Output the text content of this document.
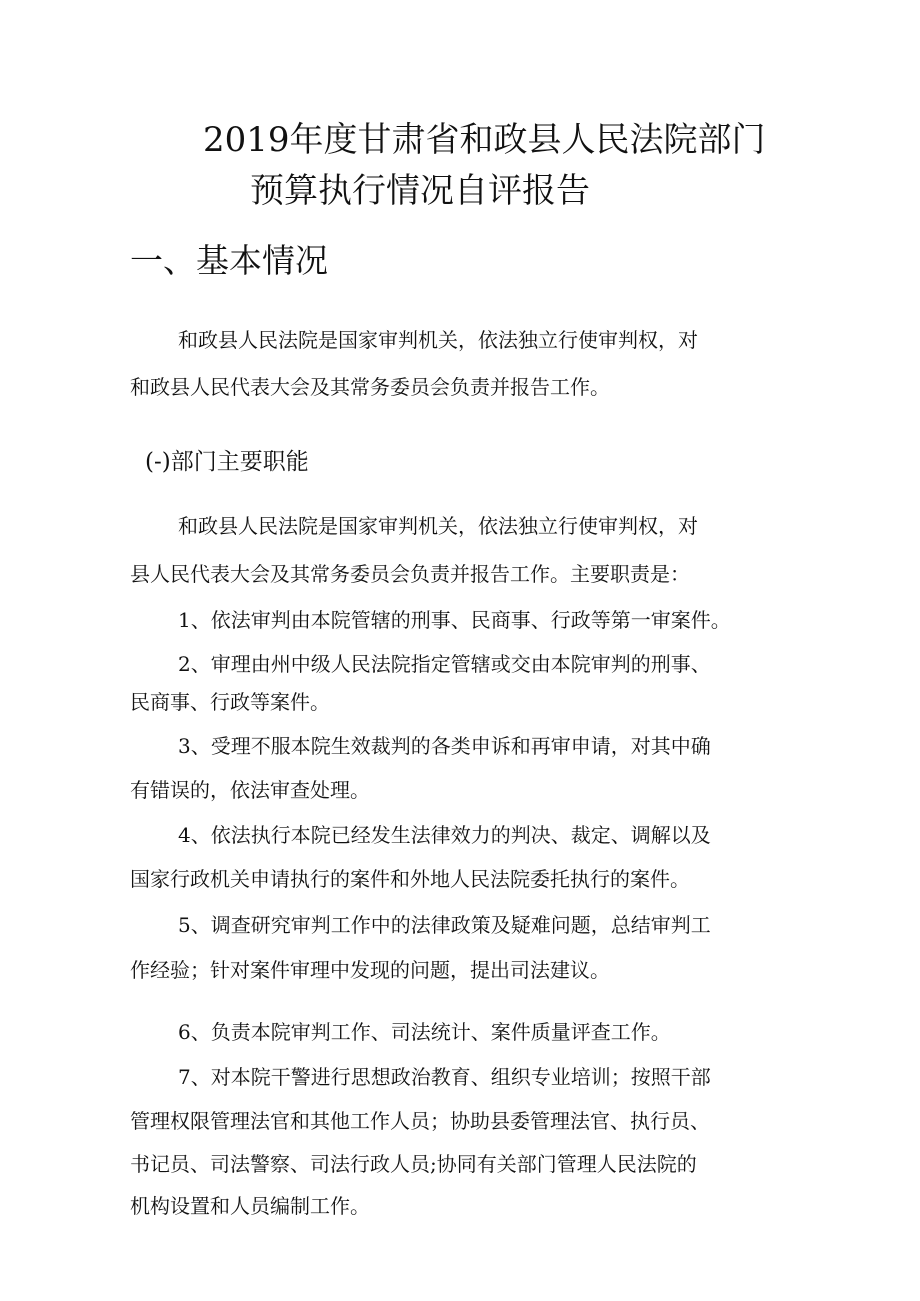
2019年度甘肃省和政县人民法院部门

预算执行情况自评报告

一、基本情况

和政县人民法院是国家审判机关，依法独立行使审判权，对

和政县人民代表大会及其常务委员会负责并报告工作。

(-)部门主要职能

和政县人民法院是国家审判机关，依法独立行使审判权，对

县人民代表大会及其常务委员会负责并报告工作。主要职责是：

1、依法审判由本院管辖的刑事、民商事、行政等第一审案件。

2、审理由州中级人民法院指定管辖或交由本院审判的刑事、

民商事、行政等案件。

3、受理不服本院生效裁判的各类申诉和再审申请，对其中确

有错误的，依法审查处理。

4、依法执行本院已经发生法律效力的判决、裁定、调解以及

国家行政机关申请执行的案件和外地人民法院委托执行的案件。

5、调查研究审判工作中的法律政策及疑难问题，总结审判工

作经验；针对案件审理中发现的问题，提出司法建议。

6、负责本院审判工作、司法统计、案件质量评查工作。

7、对本院干警进行思想政治教育、组织专业培训；按照干部

管理权限管理法官和其他工作人员；协助县委管理法官、执行员、

书记员、司法警察、司法行政人员;协同有关部门管理人民法院的

机构设置和人员编制工作。
